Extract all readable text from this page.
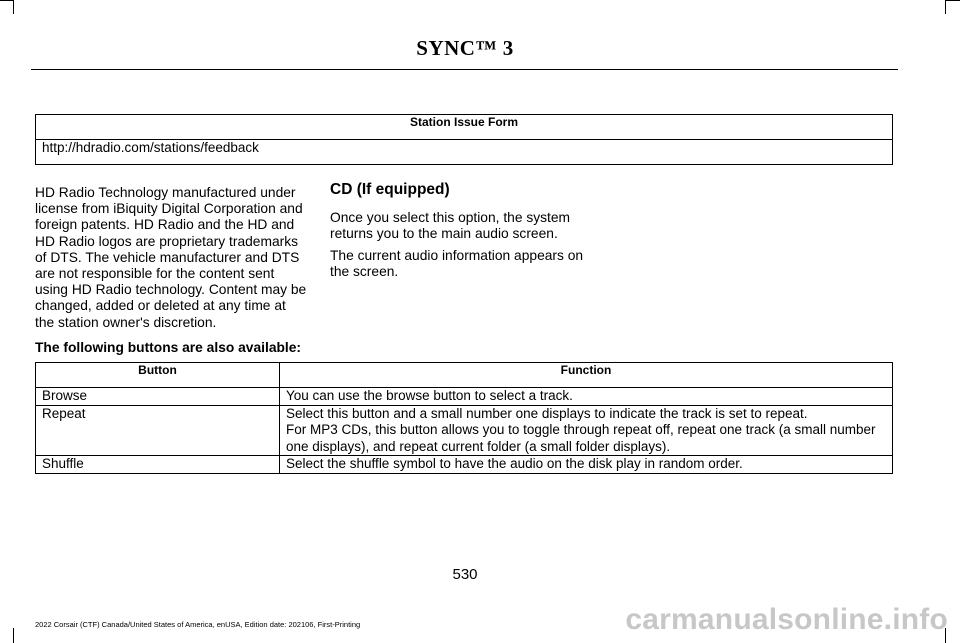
SYNC™ 3
Station Issue Form
http://hdradio.com/stations/feedback

HD Radio Technology manufactured under license from iBiquity Digital Corporation and foreign patents. HD Radio and the HD and HD Radio logos are proprietary trademarks of DTS. The vehicle manufacturer and DTS are not responsible for the content sent using HD Radio technology. Content may be changed, added or deleted at any time at the station owner's discretion.

CD (If equipped)

Once you select this option, the system returns you to the main audio screen.

The current audio information appears on the screen.

The following buttons are also available:

Button	Function
Browse	You can use the browse button to select a track.

Repeat	Select this button and a small number one displays to indicate the track is set to repeat.
For MP3 CDs, this button allows you to toggle through repeat off, repeat one track (a small number one displays), and repeat current folder (a small folder displays).

Shuffle	Select the shuffle symbol to have the audio on the disk play in random order.
530
2022 Corsair (CTF) Canada/United States of America, enUSA, Edition date: 202106, First-Printing	carmanualsonline.info
